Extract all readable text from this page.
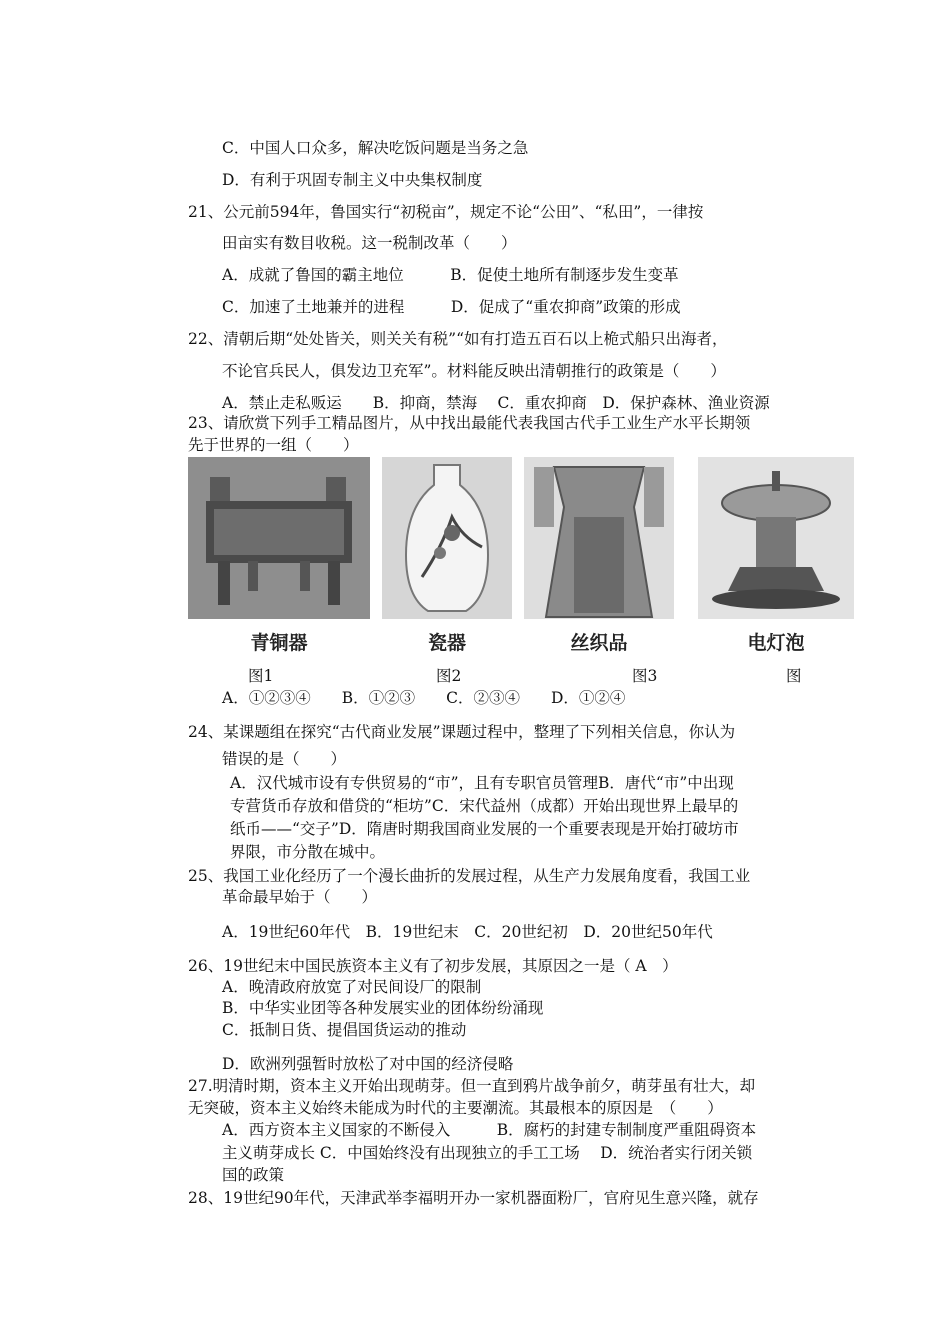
C．中国人口众多，解决吃饭问题是当务之急
D．有利于巩固专制主义中央集权制度
21、公元前594年，鲁国实行“初税亩”，规定不论“公田”、“私田”，一律按
田亩实有数目收税。这一税制改革（　　）
A．成就了鲁国的霸主地位　　　B．促使土地所有制逐步发生变革
C．加速了土地兼并的进程　　　D．促成了“重农抑商”政策的形成
22、清朝后期“处处皆关，则关关有税”“如有打造五百石以上桅式船只出海者，
不论官兵民人，俱发边卫充军”。材料能反映出清朝推行的政策是（　　）
A．禁止走私贩运　　B．抑商，禁海　 C．重农抑商　D．保护森林、渔业资源
23、请欣赏下列手工精品图片，从中找出最能代表我国古代手工业生产水平长期领
先于世界的一组（　　）
青铜器	瓷器	丝织品	电灯泡
图1	图2	图3	图
A．①②③④　　B．①②③　　C．②③④　　D．①②④
24、某课题组在探究“古代商业发展”课题过程中，整理了下列相关信息，你认为
错误的是（　　）
A．汉代城市设有专供贸易的“市”，且有专职官员管理B．唐代“市”中出现
专营货币存放和借贷的“柜坊”C．宋代益州（成都）开始出现世界上最早的
纸币——“交子”D．隋唐时期我国商业发展的一个重要表现是开始打破坊市
界限，市分散在城中。
25、我国工业化经历了一个漫长曲折的发展过程，从生产力发展角度看，我国工业
革命最早始于（　　）
A．19世纪60年代　B．19世纪末　C．20世纪初　D．20世纪50年代
26、19世纪末中国民族资本主义有了初步发展，其原因之一是（ A　）
A．晚清政府放宽了对民间设厂的限制
B．中华实业团等各种发展实业的团体纷纷涌现
C．抵制日货、提倡国货运动的推动
D．欧洲列强暂时放松了对中国的经济侵略
27.明清时期，资本主义开始出现萌芽。但一直到鸦片战争前夕，萌芽虽有壮大，却
无突破，资本主义始终未能成为时代的主要潮流。其最根本的原因是　（　　）
A．西方资本主义国家的不断侵入　　　B．腐朽的封建专制制度严重阻碍资本
主义萌芽成长 C．中国始终没有出现独立的手工工场　 D．统治者实行闭关锁
国的政策
28、19世纪90年代，天津武举李福明开办一家机器面粉厂，官府见生意兴隆，就存
